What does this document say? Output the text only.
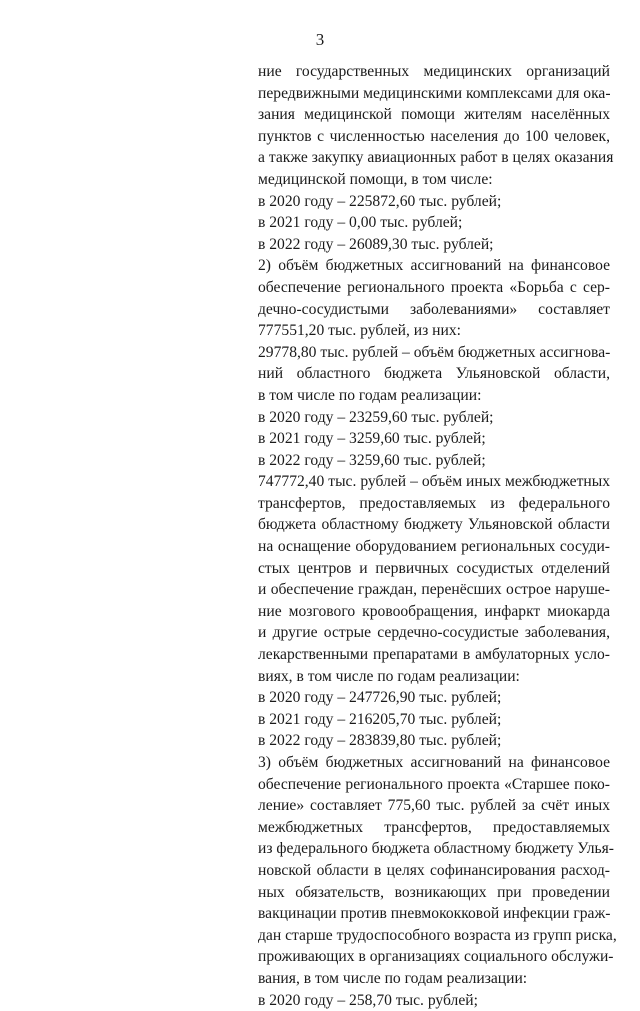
3
ние государственных медицинских организаций
передвижными медицинскими комплексами для ока-
зания медицинской помощи жителям населённых
пунктов с численностью населения до 100 человек,
а также закупку авиационных работ в целях оказания
медицинской помощи, в том числе:
в 2020 году – 225872,60 тыс. рублей;
в 2021 году – 0,00 тыс. рублей;
в 2022 году – 26089,30 тыс. рублей;
2) объём бюджетных ассигнований на финансовое
обеспечение регионального проекта «Борьба с сер-
дечно-сосудистыми заболеваниями» составляет
777551,20 тыс. рублей, из них:
29778,80 тыс. рублей – объём бюджетных ассигнова-
ний областного бюджета Ульяновской области,
в том числе по годам реализации:
в 2020 году – 23259,60 тыс. рублей;
в 2021 году – 3259,60 тыс. рублей;
в 2022 году – 3259,60 тыс. рублей;
747772,40 тыс. рублей – объём иных межбюджетных
трансфертов, предоставляемых из федерального
бюджета областному бюджету Ульяновской области
на оснащение оборудованием региональных сосуди-
стых центров и первичных сосудистых отделений
и обеспечение граждан, перенёсших острое наруше-
ние мозгового кровообращения, инфаркт миокарда
и другие острые сердечно-сосудистые заболевания,
лекарственными препаратами в амбулаторных усло-
виях, в том числе по годам реализации:
в 2020 году – 247726,90 тыс. рублей;
в 2021 году – 216205,70 тыс. рублей;
в 2022 году – 283839,80 тыс. рублей;
3) объём бюджетных ассигнований на финансовое
обеспечение регионального проекта «Старшее поко-
ление» составляет 775,60 тыс. рублей за счёт иных
межбюджетных трансфертов, предоставляемых
из федерального бюджета областному бюджету Улья-
новской области в целях софинансирования расход-
ных обязательств, возникающих при проведении
вакцинации против пневмококковой инфекции граж-
дан старше трудоспособного возраста из групп риска,
проживающих в организациях социального обслужи-
вания, в том числе по годам реализации:
в 2020 году – 258,70 тыс. рублей;
